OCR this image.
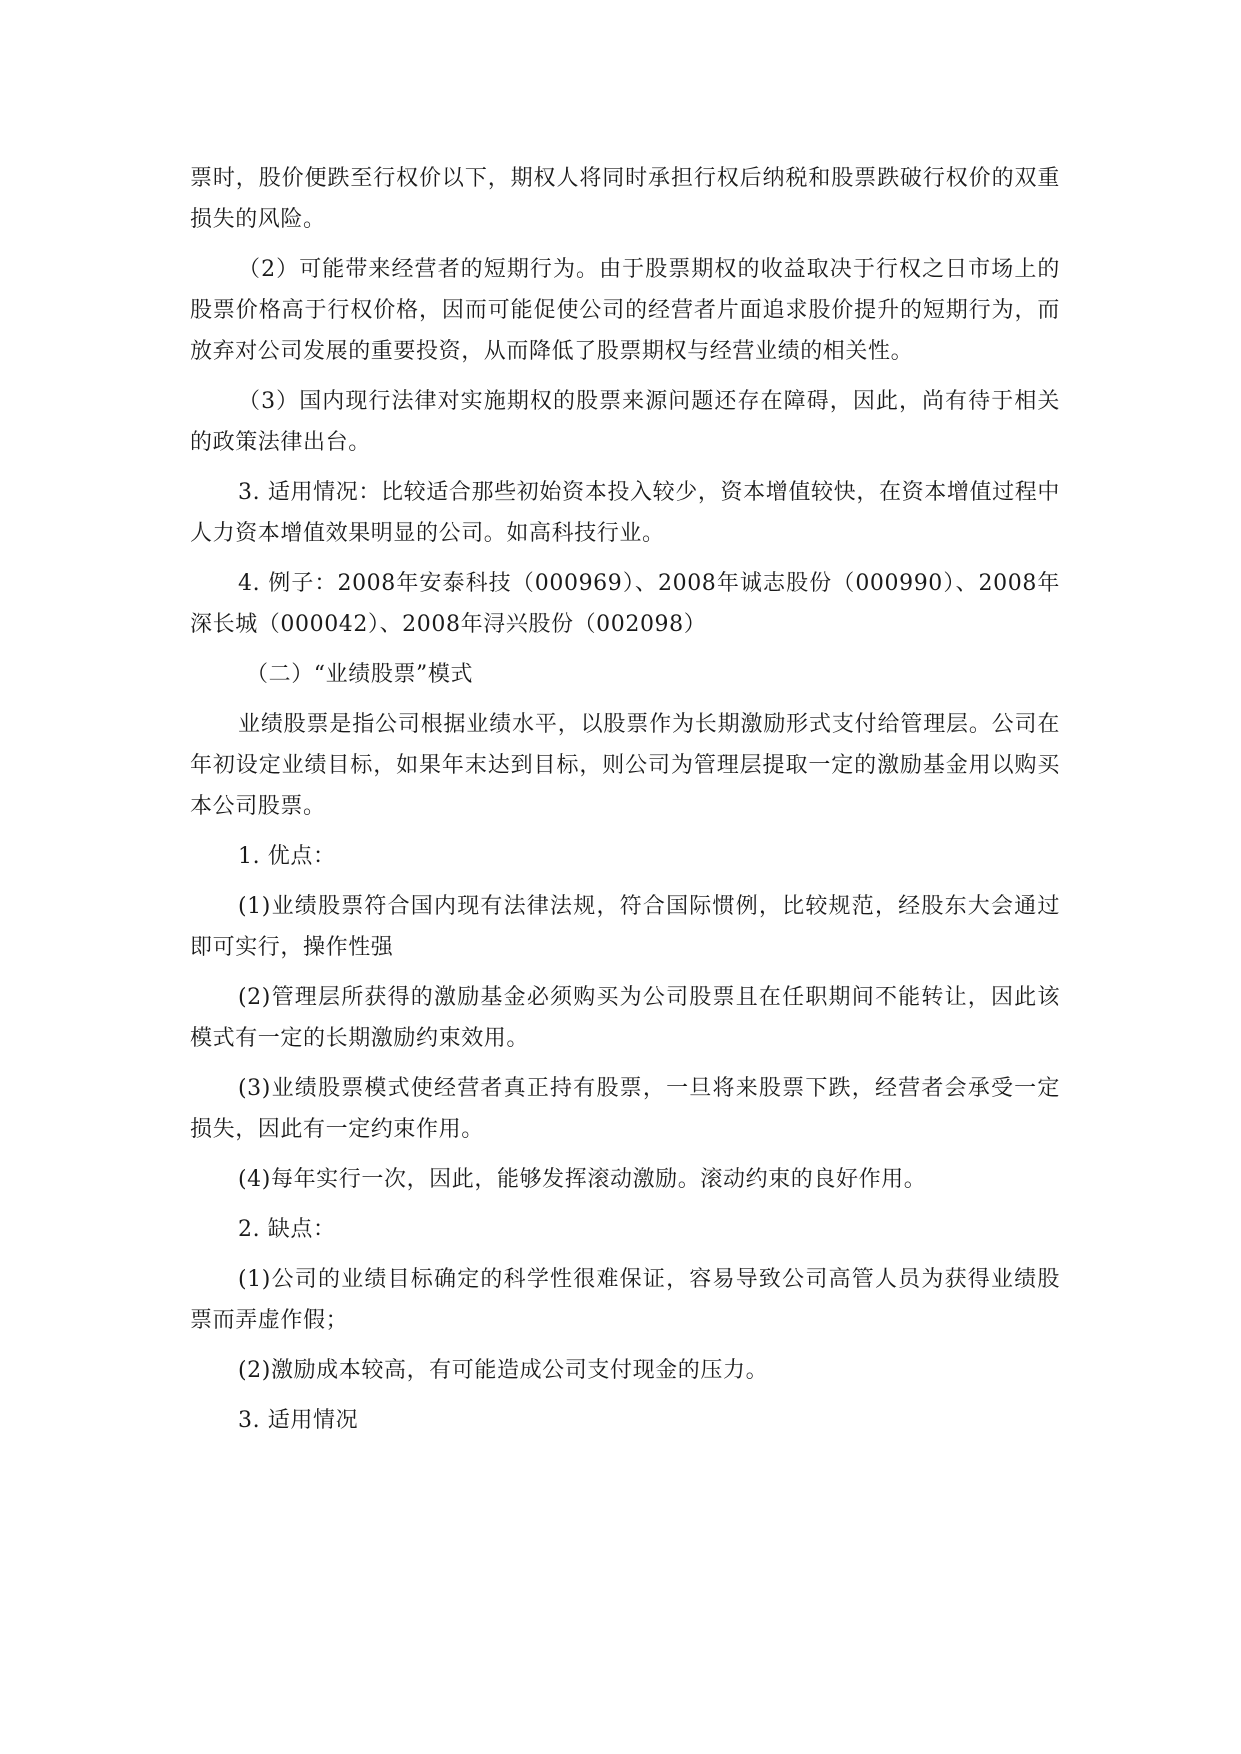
票时，股价便跌至行权价以下，期权人将同时承担行权后纳税和股票跌破行权价的双重损失的风险。

（2）可能带来经营者的短期行为。由于股票期权的收益取决于行权之日市场上的股票价格高于行权价格，因而可能促使公司的经营者片面追求股价提升的短期行为，而放弃对公司发展的重要投资，从而降低了股票期权与经营业绩的相关性。

（3）国内现行法律对实施期权的股票来源问题还存在障碍，因此，尚有待于相关的政策法律出台。

3. 适用情况：比较适合那些初始资本投入较少，资本增值较快，在资本增值过程中人力资本增值效果明显的公司。如高科技行业。

4. 例子：2008年安泰科技（000969）、2008年诚志股份（000990）、2008年深长城（000042）、2008年浔兴股份（002098）

（二）“业绩股票”模式

业绩股票是指公司根据业绩水平，以股票作为长期激励形式支付给管理层。公司在年初设定业绩目标，如果年末达到目标，则公司为管理层提取一定的激励基金用以购买本公司股票。

1. 优点：

(1)业绩股票符合国内现有法律法规，符合国际惯例，比较规范，经股东大会通过即可实行，操作性强

(2)管理层所获得的激励基金必须购买为公司股票且在任职期间不能转让，因此该模式有一定的长期激励约束效用。

(3)业绩股票模式使经营者真正持有股票，一旦将来股票下跌，经营者会承受一定损失，因此有一定约束作用。

(4)每年实行一次，因此，能够发挥滚动激励。滚动约束的良好作用。

2. 缺点：

(1)公司的业绩目标确定的科学性很难保证，容易导致公司高管人员为获得业绩股票而弄虚作假；

(2)激励成本较高，有可能造成公司支付现金的压力。

3. 适用情况
